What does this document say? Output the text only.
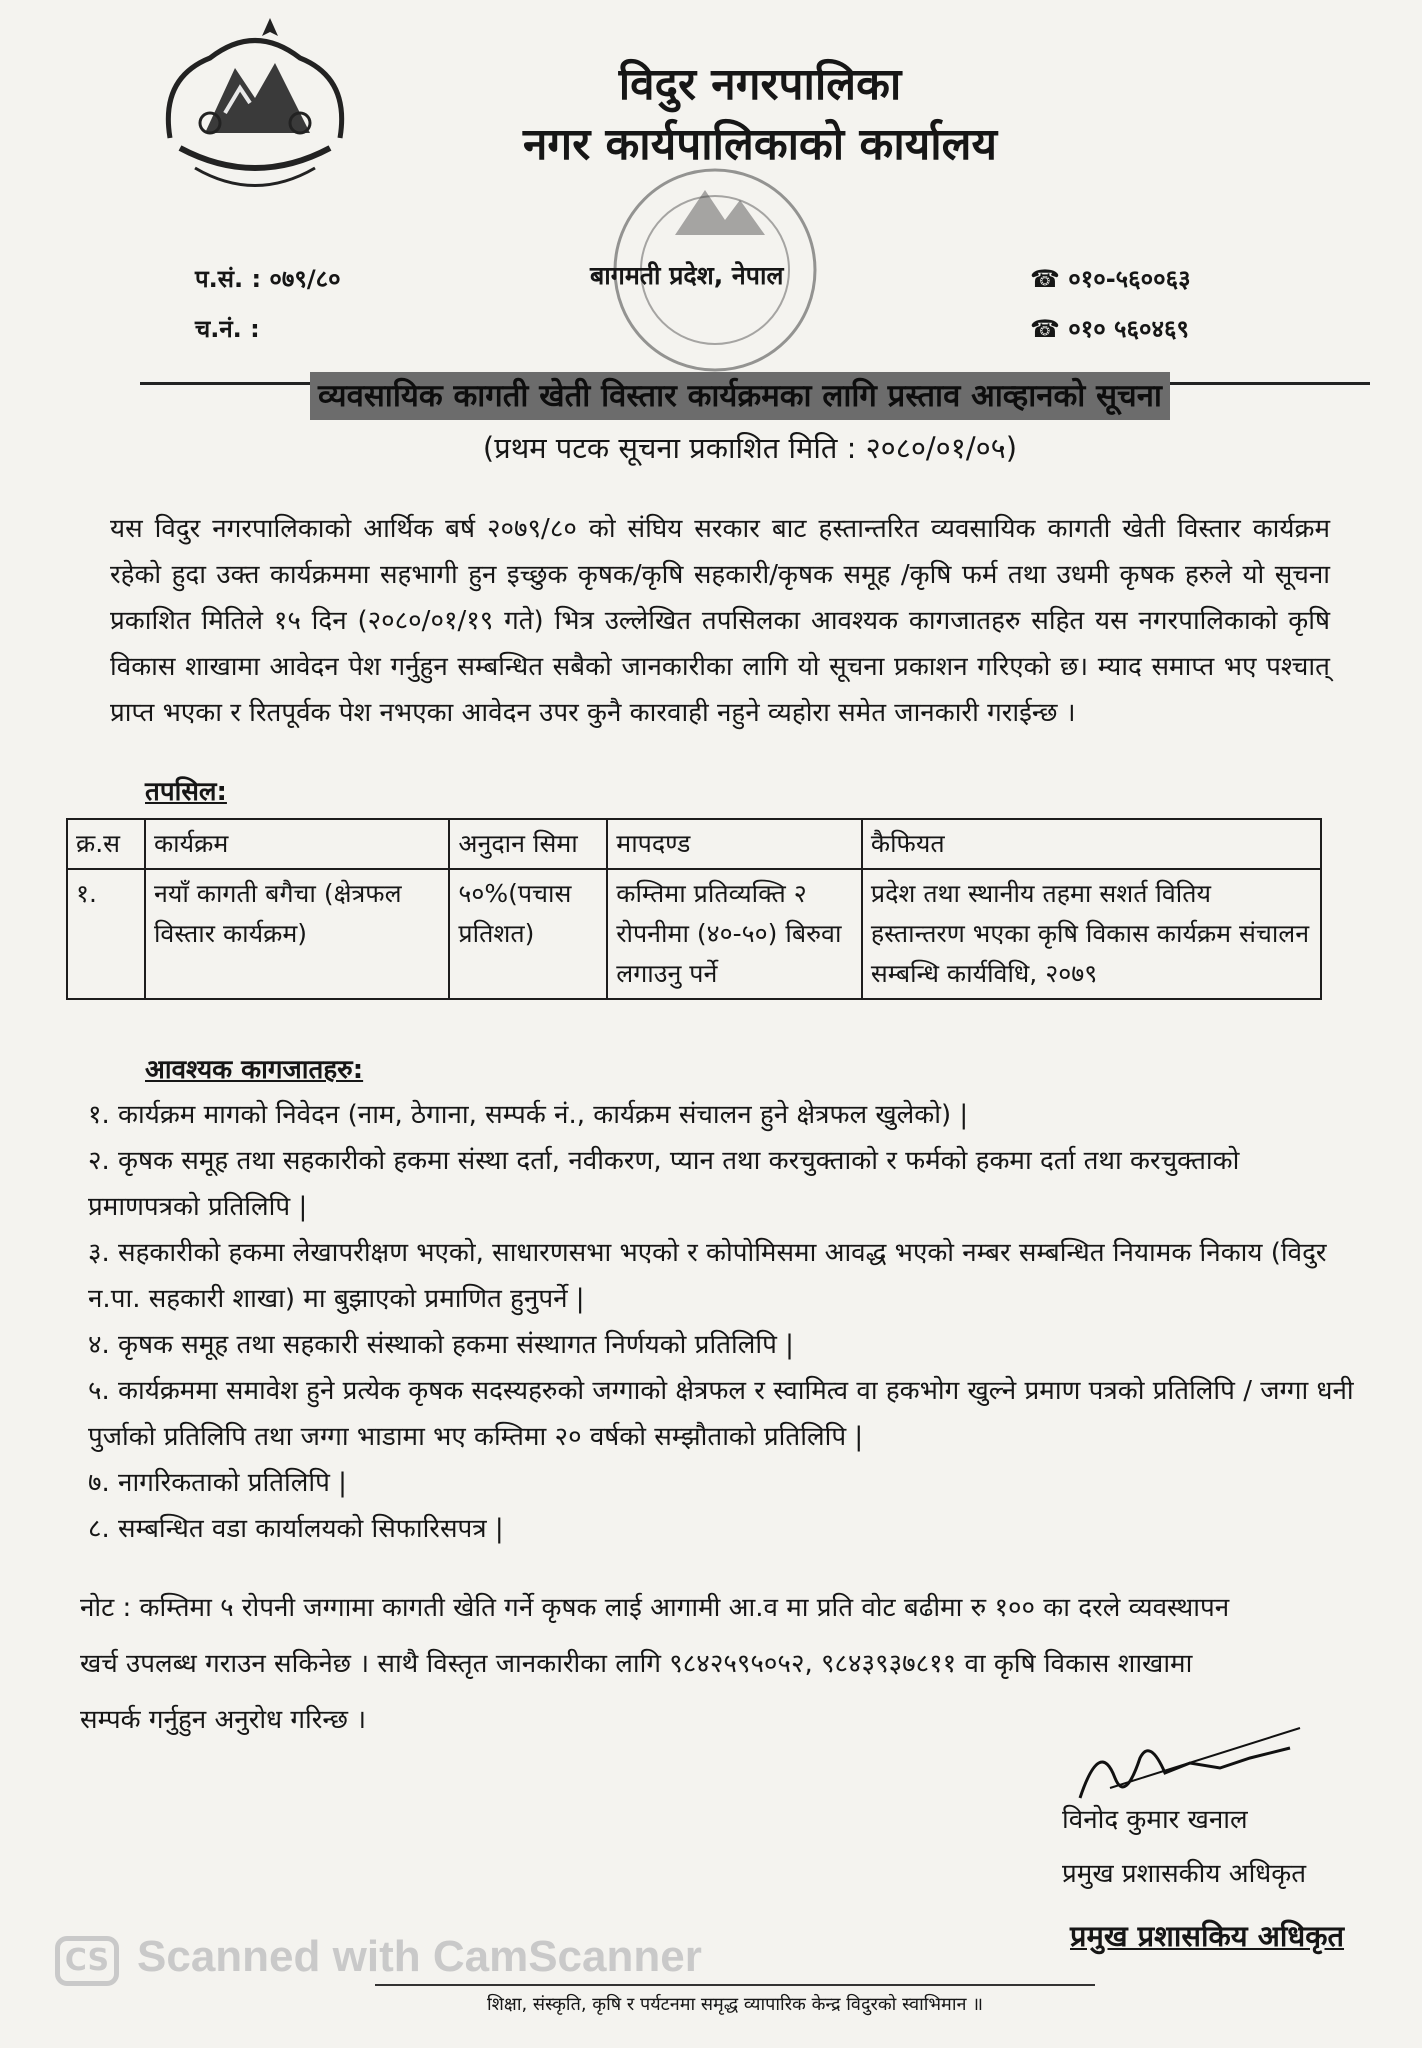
विदुर नगरपालिका
नगर कार्यपालिकाको कार्यालय
बागमती प्रदेश, नेपाल
प.सं. : ०७९/८०
च.नं. :
☎ ०१०-५६००६३
☎ ०१० ५६०४६९
व्यवसायिक कागती खेती विस्तार कार्यक्रमका लागि प्रस्ताव आव्हानको सूचना
(प्रथम पटक सूचना प्रकाशित मिति : २०८०/०१/०५)
यस विदुर नगरपालिकाको आर्थिक बर्ष २०७९/८० को संघिय सरकार बाट हस्तान्तरित व्यवसायिक कागती खेती विस्तार कार्यक्रम रहेको हुदा उक्त कार्यक्रममा सहभागी हुन इच्छुक कृषक/कृषि सहकारी/कृषक समूह /कृषि फर्म तथा उधमी कृषक हरुले यो सूचना प्रकाशित मितिले १५ दिन (२०८०/०१/१९ गते) भित्र उल्लेखित तपसिलका आवश्यक कागजातहरु सहित यस नगरपालिकाको कृषि विकास शाखामा आवेदन पेश गर्नुहुन सम्बन्धित सबैको जानकारीका लागि यो सूचना प्रकाशन गरिएको छ। म्याद समाप्त भए पश्चात् प्राप्त भएका र रितपूर्वक पेश नभएका आवेदन उपर कुनै कारवाही नहुने व्यहोरा समेत जानकारी गराईन्छ ।
तपसिल:
क्र.स	कार्यक्रम	अनुदान सिमा	मापदण्ड	कैफियत
१.	नयाँ कागती बगैचा (क्षेत्रफल विस्तार कार्यक्रम)	५०%(पचास प्रतिशत)	कम्तिमा प्रतिव्यक्ति २ रोपनीमा (४०-५०) बिरुवा लगाउनु पर्ने	प्रदेश तथा स्थानीय तहमा सशर्त वितिय हस्तान्तरण भएका कृषि विकास कार्यक्रम संचालन सम्बन्धि कार्यविधि, २०७९
आवश्यक कागजातहरु:
१. कार्यक्रम मागको निवेदन (नाम, ठेगाना, सम्पर्क नं., कार्यक्रम संचालन हुने क्षेत्रफल खुलेको) |
२. कृषक समूह तथा सहकारीको हकमा संस्था दर्ता, नवीकरण, प्यान तथा करचुक्ताको र फर्मको हकमा दर्ता तथा करचुक्ताको प्रमाणपत्रको प्रतिलिपि |
३. सहकारीको हकमा लेखापरीक्षण भएको, साधारणसभा भएको र कोपोमिसमा आवद्ध भएको नम्बर सम्बन्धित नियामक निकाय (विदुर न.पा. सहकारी शाखा) मा बुझाएको प्रमाणित हुनुपर्ने |
४. कृषक समूह तथा सहकारी संस्थाको हकमा संस्थागत निर्णयको प्रतिलिपि |
५. कार्यक्रममा समावेश हुने प्रत्येक कृषक सदस्यहरुको जग्गाको क्षेत्रफल र स्वामित्व वा हकभोग खुल्ने प्रमाण पत्रको प्रतिलिपि / जग्गा धनी पुर्जाको प्रतिलिपि तथा जग्गा भाडामा भए कम्तिमा २० वर्षको सम्झौताको प्रतिलिपि |
७. नागरिकताको प्रतिलिपि |
८. सम्बन्धित वडा कार्यालयको सिफारिसपत्र |
नोट : कम्तिमा ५ रोपनी जग्गामा कागती खेति गर्ने कृषक लाई आगामी आ.व मा प्रति वोट बढीमा रु १०० का दरले व्यवस्थापन खर्च उपलब्ध गराउन सकिनेछ । साथै विस्तृत जानकारीका लागि ९८४२५९५०५२, ९८४३९३७८११ वा कृषि विकास शाखामा सम्पर्क गर्नुहुन अनुरोध गरिन्छ ।
विनोद कुमार खनाल
प्रमुख प्रशासकीय अधिकृत
प्रमुख प्रशासकिय अधिकृत
CS Scanned with CamScanner
शिक्षा, संस्कृति, कृषि र पर्यटनमा समृद्ध व्यापारिक केन्द्र विदुरको स्वाभिमान ॥
